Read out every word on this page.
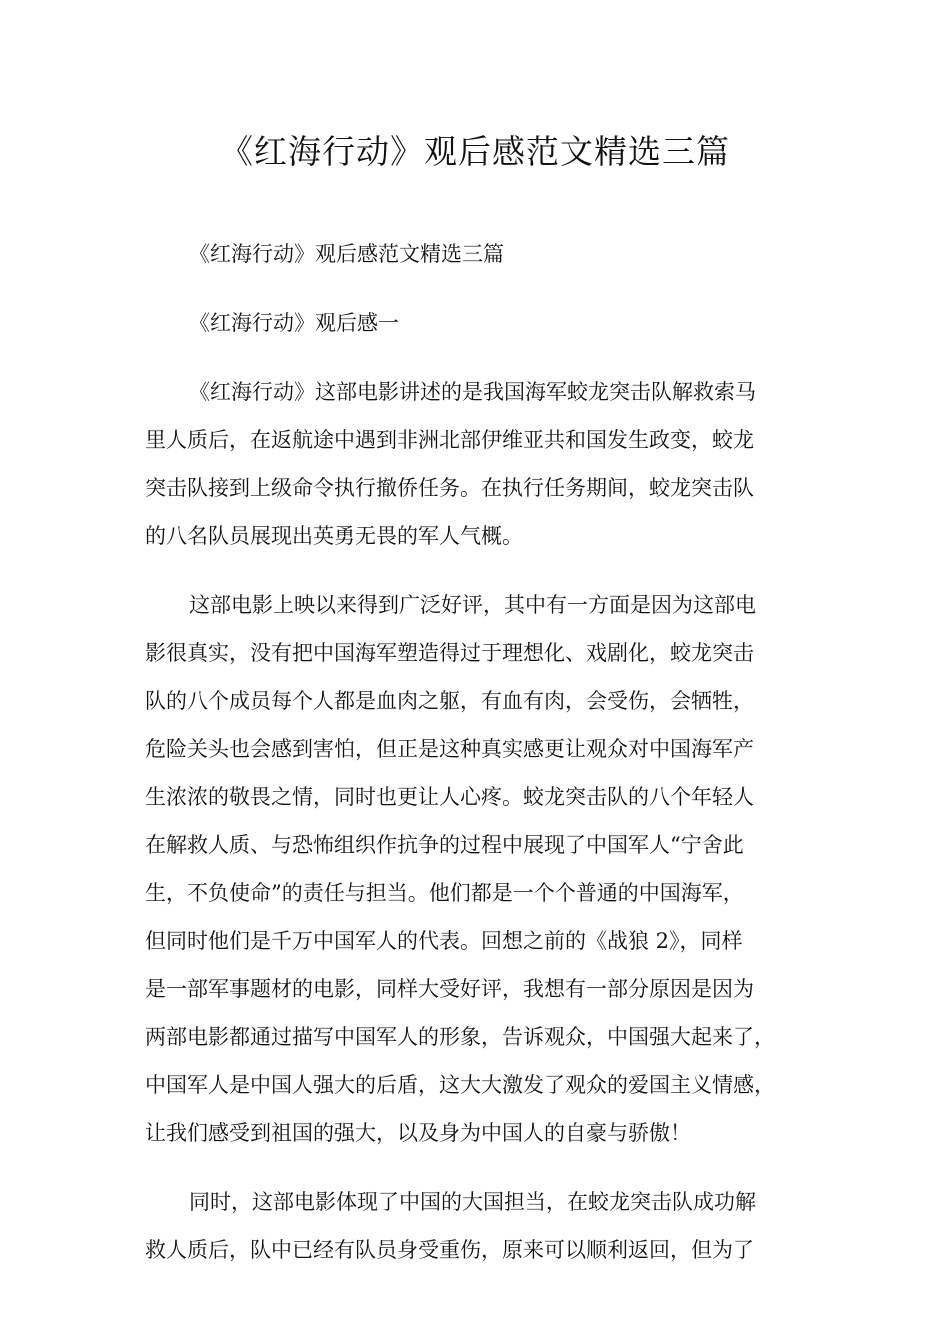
《红海行动》观后感范文精选三篇
《红海行动》观后感范文精选三篇
《红海行动》观后感一
《红海行动》这部电影讲述的是我国海军蛟龙突击队解救索马
里人质后，在返航途中遇到非洲北部伊维亚共和国发生政变，蛟龙
突击队接到上级命令执行撤侨任务。在执行任务期间，蛟龙突击队
的八名队员展现出英勇无畏的军人气概。
这部电影上映以来得到广泛好评，其中有一方面是因为这部电
影很真实，没有把中国海军塑造得过于理想化、戏剧化，蛟龙突击
队的八个成员每个人都是血肉之躯，有血有肉，会受伤，会牺牲，
危险关头也会感到害怕，但正是这种真实感更让观众对中国海军产
生浓浓的敬畏之情，同时也更让人心疼。蛟龙突击队的八个年轻人
在解救人质、与恐怖组织作抗争的过程中展现了中国军人“宁舍此
生，不负使命”的责任与担当。他们都是一个个普通的中国海军，
但同时他们是千万中国军人的代表。回想之前的《战狼 2》，同样
是一部军事题材的电影，同样大受好评，我想有一部分原因是因为
两部电影都通过描写中国军人的形象，告诉观众，中国强大起来了，
中国军人是中国人强大的后盾，这大大激发了观众的爱国主义情感，
让我们感受到祖国的强大，以及身为中国人的自豪与骄傲！
同时，这部电影体现了中国的大国担当，在蛟龙突击队成功解
救人质后，队中已经有队员身受重伤，原来可以顺利返回，但为了
